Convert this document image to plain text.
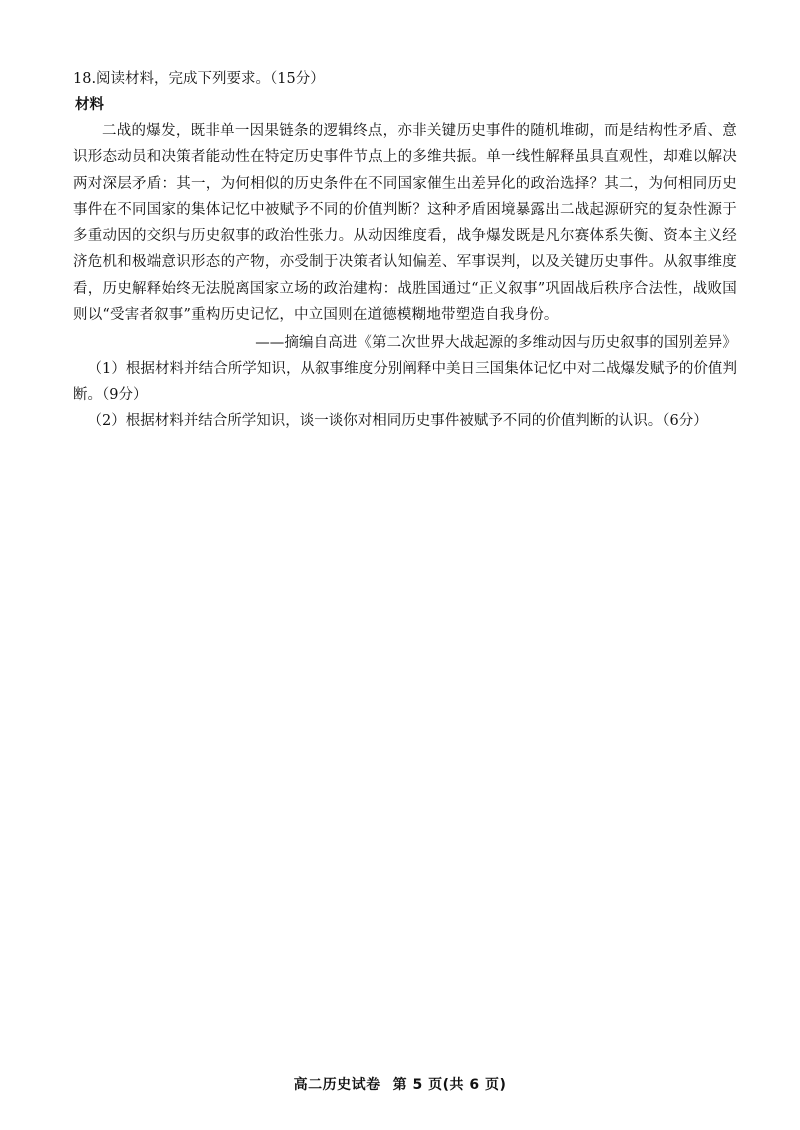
18.阅读材料，完成下列要求。（15分）

材料

二战的爆发，既非单一因果链条的逻辑终点，亦非关键历史事件的随机堆砌，而是结构性矛盾、意识形态动员和决策者能动性在特定历史事件节点上的多维共振。单一线性解释虽具直观性，却难以解决两对深层矛盾：其一，为何相似的历史条件在不同国家催生出差异化的政治选择？其二，为何相同历史事件在不同国家的集体记忆中被赋予不同的价值判断？这种矛盾困境暴露出二战起源研究的复杂性源于多重动因的交织与历史叙事的政治性张力。从动因维度看，战争爆发既是凡尔赛体系失衡、资本主义经济危机和极端意识形态的产物，亦受制于决策者认知偏差、军事误判，以及关键历史事件。从叙事维度看，历史解释始终无法脱离国家立场的政治建构：战胜国通过“正义叙事”巩固战后秩序合法性，战败国则以“受害者叙事”重构历史记忆，中立国则在道德模糊地带塑造自我身份。

——摘编自高进《第二次世界大战起源的多维动因与历史叙事的国别差异》

（1）根据材料并结合所学知识，从叙事维度分别阐释中美日三国集体记忆中对二战爆发赋予的价值判断。（9分）

（2）根据材料并结合所学知识，谈一谈你对相同历史事件被赋予不同的价值判断的认识。（6分）

高二历史试卷 第 5 页(共 6 页)
